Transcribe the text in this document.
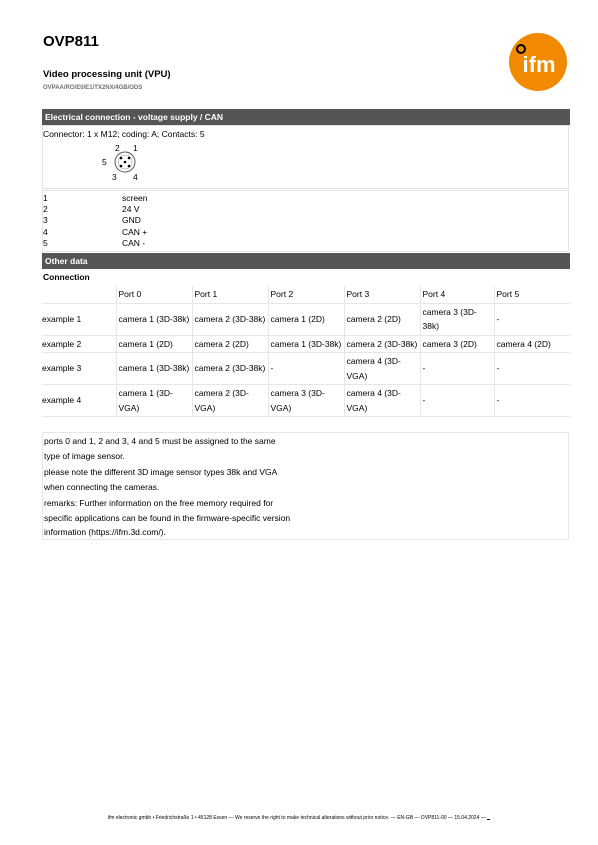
OVP811
Video processing unit (VPU)
OVPAA/RO/E0/E1/TX2NX/4GB/ODS
ifm
Electrical connection - voltage supply / CAN
Connector: 1 x M12; coding: A; Contacts: 5
2 1
5
3 4
1	screen
2	24 V
3	GND
4	CAN +
5	CAN -
Other data
Connection
	Port 0	Port 1	Port 2	Port 3	Port 4	Port 5
example 1	camera 1 (3D-38k)	camera 2 (3D-38k)	camera 1 (2D)	camera 2 (2D)	camera 3 (3D-38k)	-
example 2	camera 1 (2D)	camera 2 (2D)	camera 1 (3D-38k)	camera 2 (3D-38k)	camera 3 (2D)	camera 4 (2D)
example 3	camera 1 (3D-38k)	camera 2 (3D-38k)	-	camera 4 (3D-VGA)	-	-
example 4	camera 1 (3D-VGA)	camera 2 (3D-VGA)	camera 3 (3D-VGA)	camera 4 (3D-VGA)	-	-

ports 0 and 1, 2 and 3, 4 and 5 must be assigned to the same

type of image sensor.

please note the different 3D image sensor types 38k and VGA

when connecting the cameras.

remarks: Further information on the free memory required for

specific applications can be found in the firmware-specific version

information (https://ifm.3d.com/).

ifm electronic gmbh • Friedrichstraße 1 • 45128 Essen — We reserve the right to make technical alterations without prior notice. — EN-GB — OVP811-00 — 15.04.2024 —
